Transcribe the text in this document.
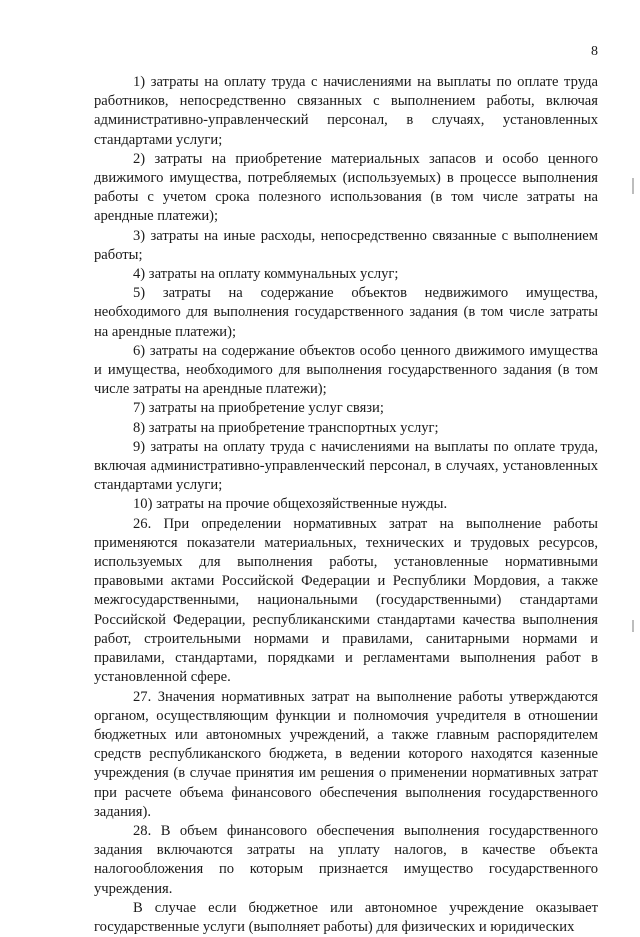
8

1) затраты на оплату труда с начислениями на выплаты по оплате труда работников, непосредственно связанных с выполнением работы, включая административно-управленческий персонал, в случаях, установленных стандартами услуги;

2) затраты на приобретение материальных запасов и особо ценного движимого имущества, потребляемых (используемых) в процессе выполнения работы с учетом срока полезного использования (в том числе затраты на арендные платежи);

3) затраты на иные расходы, непосредственно связанные с выполнением работы;

4) затраты на оплату коммунальных услуг;

5) затраты на содержание объектов недвижимого имущества, необходимого для выполнения государственного задания (в том числе затраты на арендные платежи);

6) затраты на содержание объектов особо ценного движимого имущества и имущества, необходимого для выполнения государственного задания (в том числе затраты на арендные платежи);

7) затраты на приобретение услуг связи;

8) затраты на приобретение транспортных услуг;

9) затраты на оплату труда с начислениями на выплаты по оплате труда, включая административно-управленческий персонал, в случаях, установленных стандартами услуги;

10) затраты на прочие общехозяйственные нужды.

26. При определении нормативных затрат на выполнение работы применяются показатели материальных, технических и трудовых ресурсов, используемых для выполнения работы, установленные нормативными правовыми актами Российской Федерации и Республики Мордовия, а также межгосударственными, национальными (государственными) стандартами Российской Федерации, республиканскими стандартами качества выполнения работ, строительными нормами и правилами, санитарными нормами и правилами, стандартами, порядками и регламентами выполнения работ в установленной сфере.

27. Значения нормативных затрат на выполнение работы утверждаются органом, осуществляющим функции и полномочия учредителя в отношении бюджетных или автономных учреждений, а также главным распорядителем средств республиканского бюджета, в ведении которого находятся казенные учреждения (в случае принятия им решения о применении нормативных затрат при расчете объема финансового обеспечения выполнения государственного задания).

28. В объем финансового обеспечения выполнения государственного задания включаются затраты на уплату налогов, в качестве объекта налогообложения по которым признается имущество государственного учреждения.

В случае если бюджетное или автономное учреждение оказывает государственные услуги (выполняет работы) для физических и юридических
